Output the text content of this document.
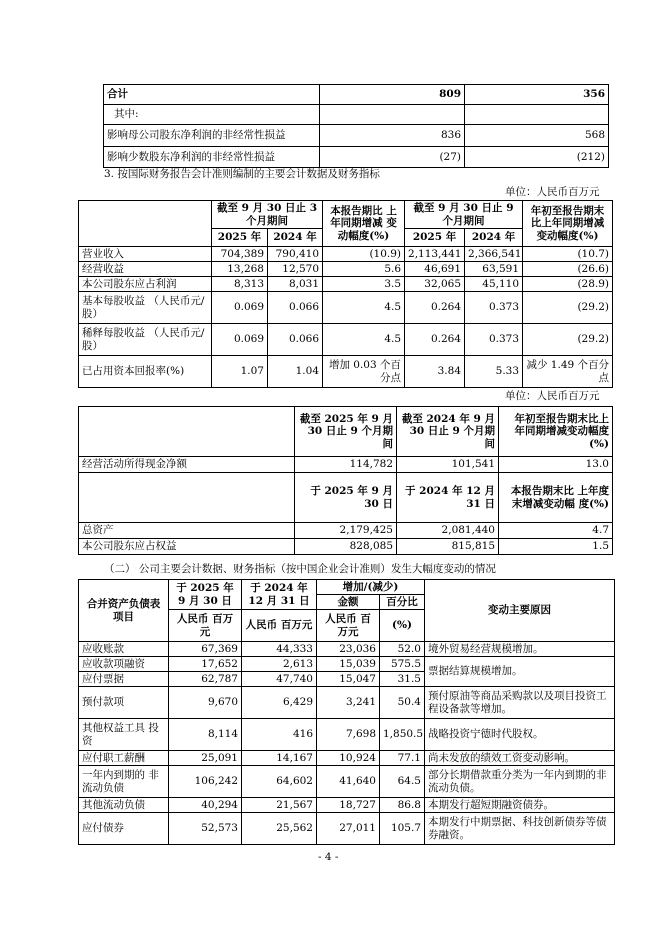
合计	809	356
其中:		
影响母公司股东净利润的非经常性损益	836	568
影响少数股东净利润的非经常性损益	(27)	(212)
3. 按国际财务报告会计准则编制的主要会计数据及财务指标
单位：人民币百万元
	截至 9 月 30 日止 3 个月期间		本报告期比 上年同期增减 变动幅度(%)	截至 9 月 30 日止 9 个月期间		年初至报告期末 比上年同期增减 变动幅度(%)
	2025 年	2024 年		2025 年	2024 年	
营业收入	704,389	790,410	(10.9)	2,113,441	2,366,541	(10.7)
经营收益	13,268	12,570	5.6	46,691	63,591	(26.6)
本公司股东应占利润	8,313	8,031	3.5	32,065	45,110	(28.9)
基本每股收益 （人民币元/股）	0.069	0.066	4.5	0.264	0.373	(29.2)
稀释每股收益 （人民币元/股）	0.069	0.066	4.5	0.264	0.373	(29.2)
已占用资本回报率(%)	1.07	1.04	增加 0.03 个百分点	3.84	5.33	减少 1.49 个百分点
单位：人民币百万元
	截至 2025 年 9 月 30 日止 9 个月期间	截至 2024 年 9 月 30 日止 9 个月期间	年初至报告期末比上 年同期增减变动幅度 (%)
经营活动所得现金净额	114,782	101,541	13.0
	于 2025 年 9 月 30 日	于 2024 年 12 月 31 日	本报告期末比 上年度末增减变动幅 度(%)
总资产	2,179,425	2,081,440	4.7
本公司股东应占权益	828,085	815,815	1.5
（二） 公司主要会计数据、财务指标（按中国企业会计准则）发生大幅度变动的情况
合并资产负债表 项目	于 2025 年 9 月 30 日	于 2024 年 12 月 31 日	增加/(减少)		变动主要原因
			金额	百分比	
	人民币 百万元	人民币 百万元	人民币 百万元	(%)	
应收账款	67,369	44,333	23,036	52.0	境外贸易经营规模增加。
应收款项融资	17,652	2,613	15,039	575.5	票据结算规模增加。
应付票据	62,787	47,740	15,047	31.5	
预付款项	9,670	6,429	3,241	50.4	预付原油等商品采购款以及项目投资工程设备款等增加。
其他权益工具 投资	8,114	416	7,698	1,850.5	战略投资宁德时代股权。
应付职工薪酬	25,091	14,167	10,924	77.1	尚未发放的绩效工资变动影响。
一年内到期的 非流动负债	106,242	64,602	41,640	64.5	部分长期借款重分类为一年内到期的非流动负债。
其他流动负债	40,294	21,567	18,727	86.8	本期发行超短期融资债券。
应付债券	52,573	25,562	27,011	105.7	本期发行中期票据、科技创新债券等债券融资。
- 4 -
